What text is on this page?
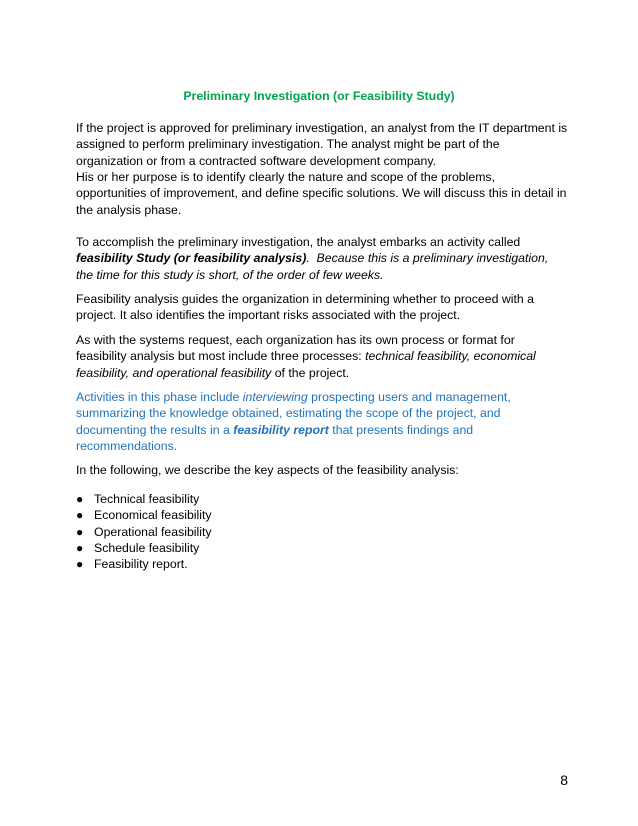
Preliminary Investigation (or Feasibility Study)
If the project is approved for preliminary investigation, an analyst from the IT department is assigned to perform preliminary investigation. The analyst might be part of the organization or from a contracted software development company.
His or her purpose is to identify clearly the nature and scope of the problems, opportunities of improvement, and define specific solutions. We will discuss this in detail in the analysis phase.
To accomplish the preliminary investigation, the analyst embarks an activity called feasibility Study (or feasibility analysis).  Because this is a preliminary investigation, the time for this study is short, of the order of few weeks.
Feasibility analysis guides the organization in determining whether to proceed with a project. It also identifies the important risks associated with the project.
As with the systems request, each organization has its own process or format for feasibility analysis but most include three processes: technical feasibility, economical feasibility, and operational feasibility of the project.
Activities in this phase include interviewing prospecting users and management, summarizing the knowledge obtained, estimating the scope of the project, and documenting the results in a feasibility report that presents findings and recommendations.
In the following, we describe the key aspects of the feasibility analysis:
● Technical feasibility
● Economical feasibility
● Operational feasibility
● Schedule feasibility
● Feasibility report.
8
